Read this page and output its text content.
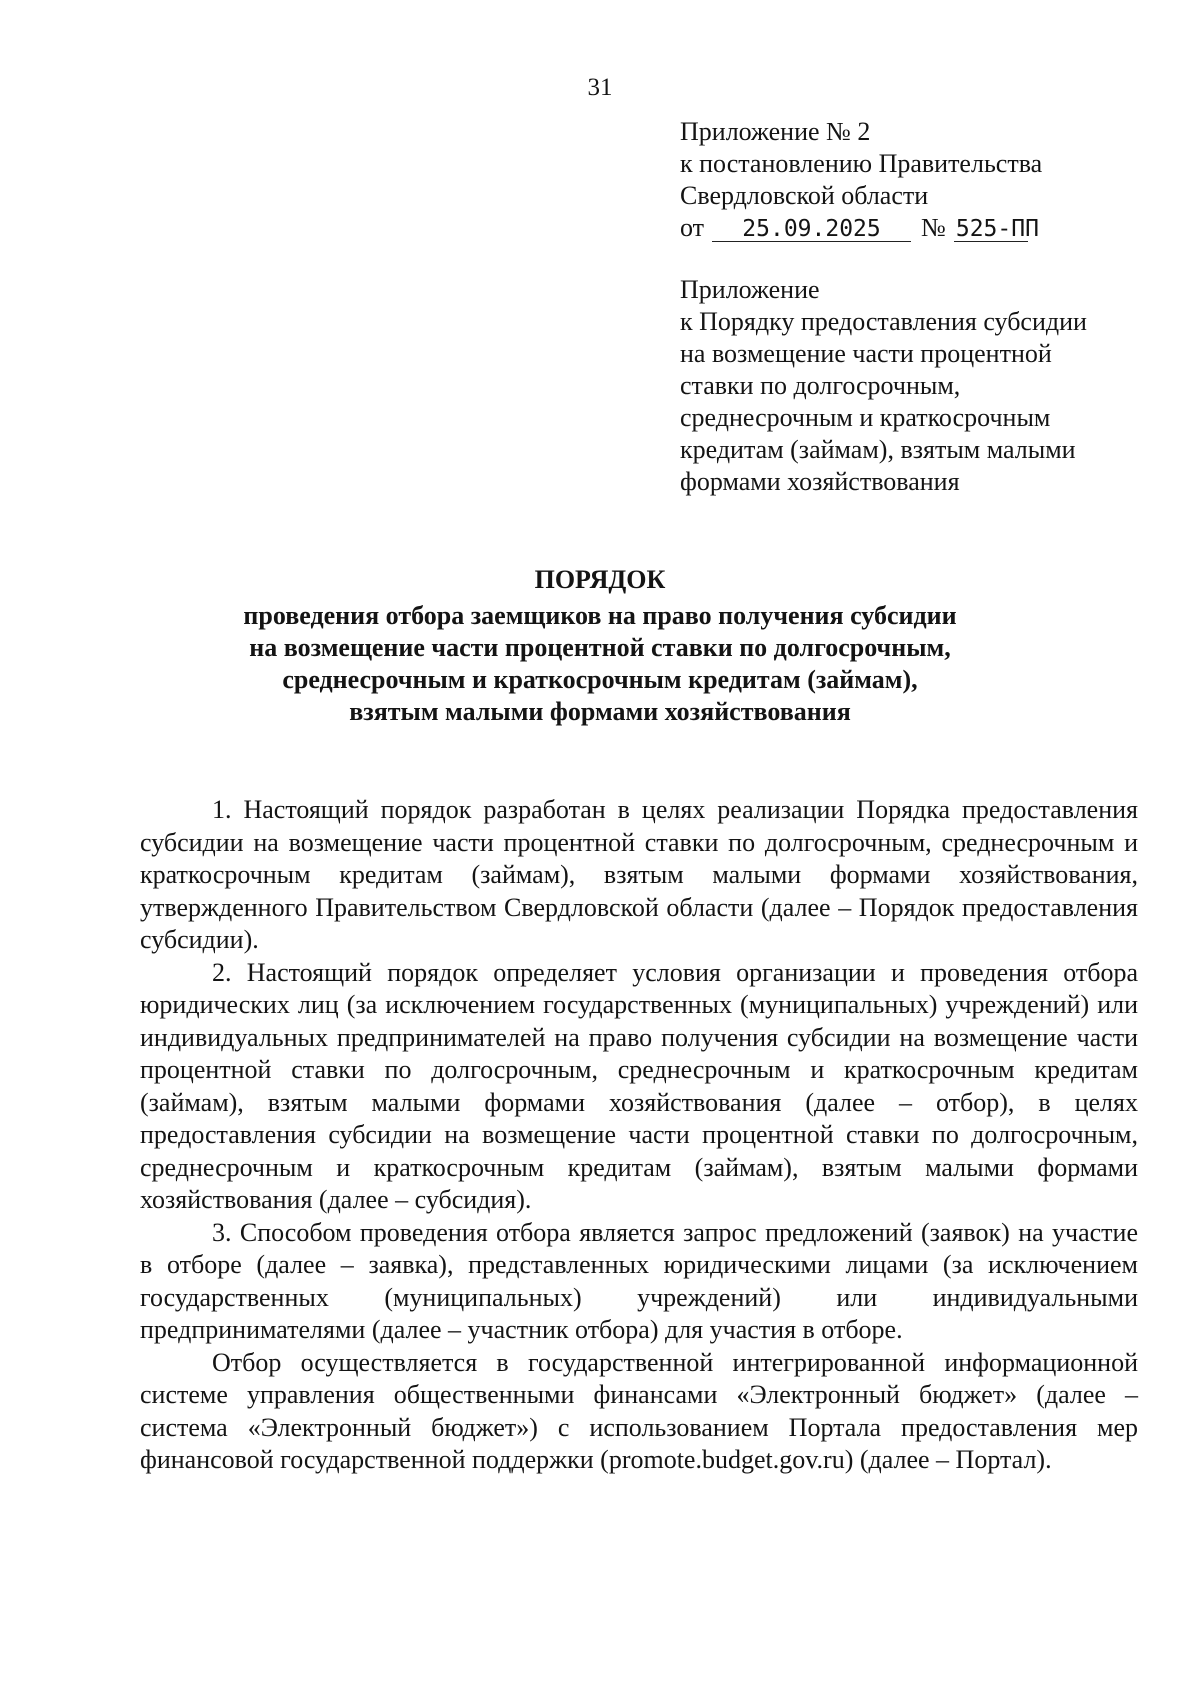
31

Приложение № 2

к постановлению Правительства

Свердловской области

от 25.09.2025 № 525-ПП

Приложение

к Порядку предоставления субсидии

на возмещение части процентной

ставки по долгосрочным,

среднесрочным и краткосрочным

кредитам (займам), взятым малыми

формами хозяйствования

ПОРЯДОК

проведения отбора заемщиков на право получения субсидии

на возмещение части процентной ставки по долгосрочным,

среднесрочным и краткосрочным кредитам (займам),

взятым малыми формами хозяйствования

1. Настоящий порядок разработан в целях реализации Порядка предоставления субсидии на возмещение части процентной ставки по долгосрочным, среднесрочным и краткосрочным кредитам (займам), взятым малыми формами хозяйствования, утвержденного Правительством Свердловской области (далее – Порядок предоставления субсидии).

2. Настоящий порядок определяет условия организации и проведения отбора юридических лиц (за исключением государственных (муниципальных) учреждений) или индивидуальных предпринимателей на право получения субсидии на возмещение части процентной ставки по долгосрочным, среднесрочным и краткосрочным кредитам (займам), взятым малыми формами хозяйствования (далее – отбор), в целях предоставления субсидии на возмещение части процентной ставки по долгосрочным, среднесрочным и краткосрочным кредитам (займам), взятым малыми формами хозяйствования (далее – субсидия).

3. Способом проведения отбора является запрос предложений (заявок) на участие в отборе (далее – заявка), представленных юридическими лицами (за исключением государственных (муниципальных) учреждений) или индивидуальными предпринимателями (далее – участник отбора) для участия в отборе.

Отбор осуществляется в государственной интегрированной информационной системе управления общественными финансами «Электронный бюджет» (далее – система «Электронный бюджет») с использованием Портала предоставления мер финансовой государственной поддержки (promote.budget.gov.ru) (далее – Портал).
